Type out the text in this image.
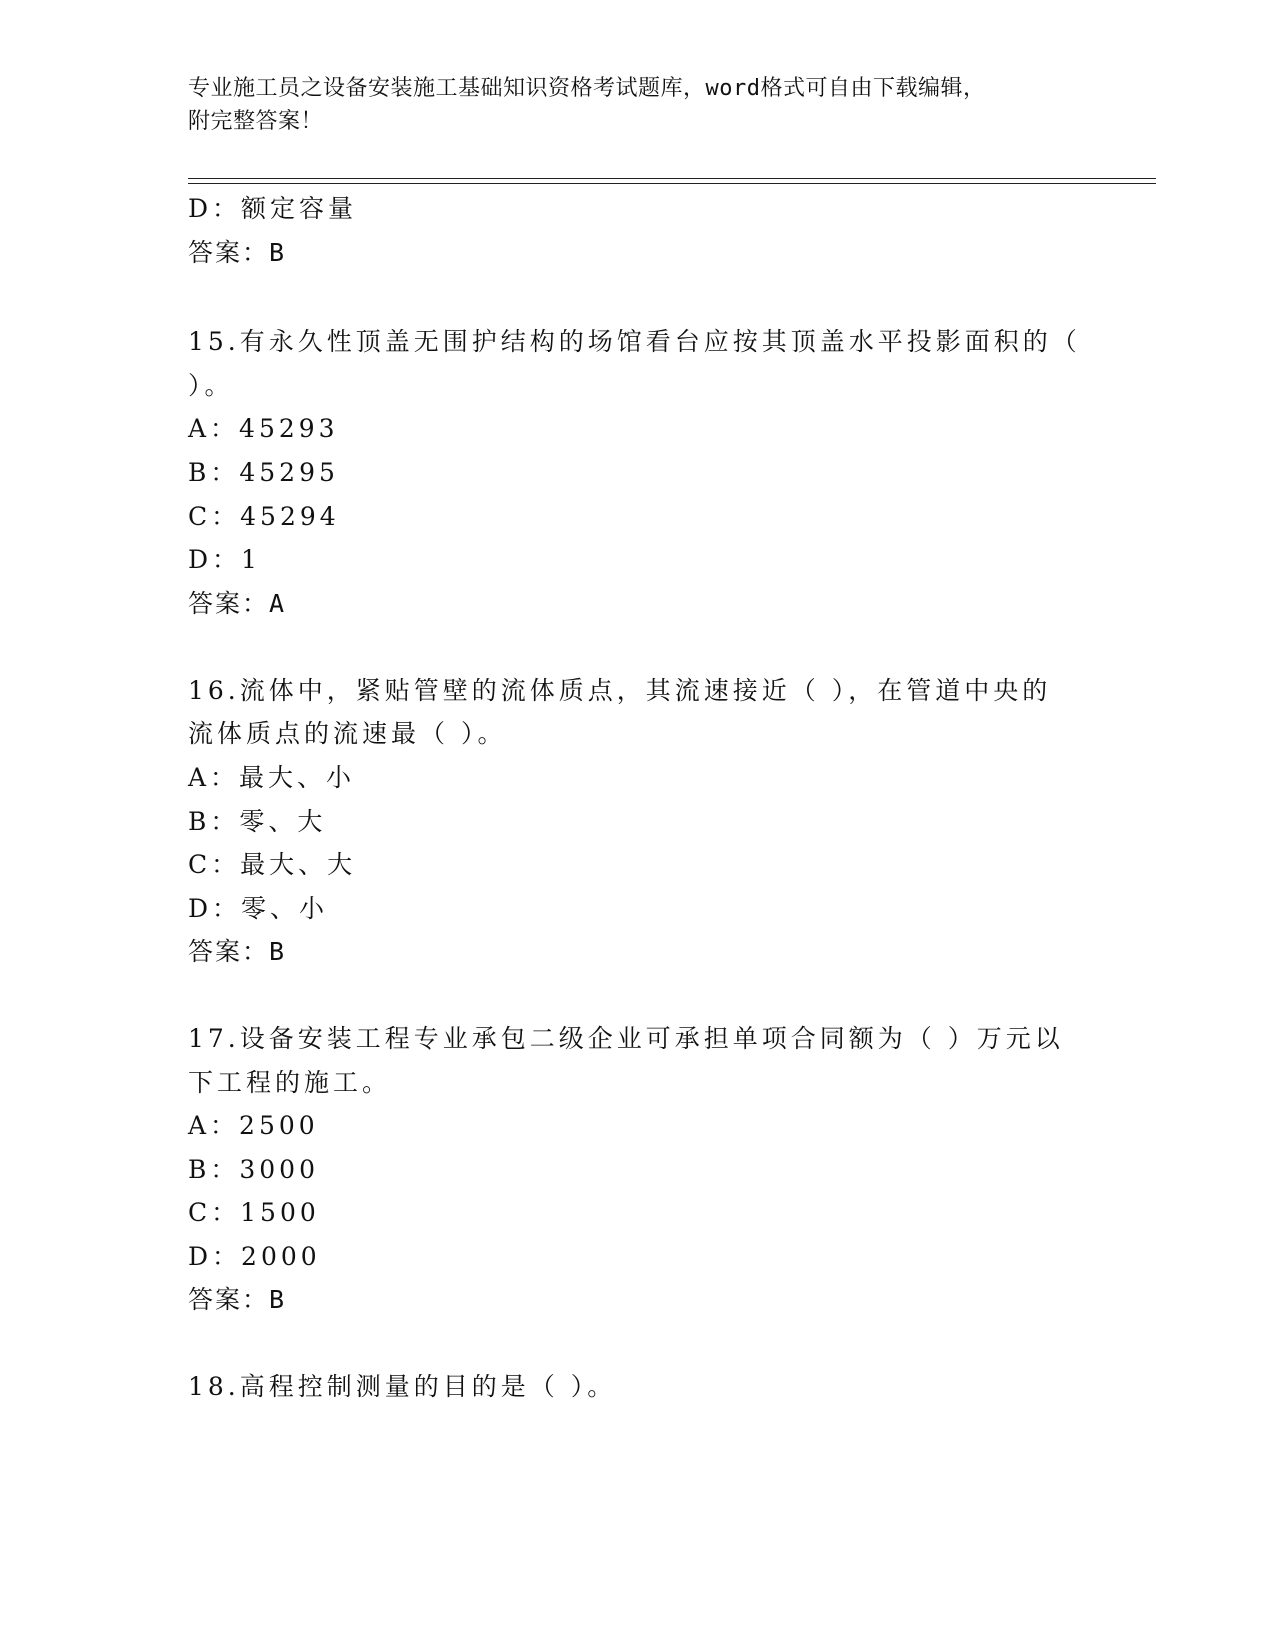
专业施工员之设备安装施工基础知识资格考试题库，word格式可自由下载编辑，
附完整答案！
D：额定容量
答案：B
15.有永久性顶盖无围护结构的场馆看台应按其顶盖水平投影面积的（
）。
A：45293
B：45295
C：45294
D：1
答案：A
16.流体中，紧贴管壁的流体质点，其流速接近（ ），在管道中央的
流体质点的流速最（ ）。
A：最大、小
B：零、大
C：最大、大
D：零、小
答案：B
17.设备安装工程专业承包二级企业可承担单项合同额为（ ）万元以
下工程的施工。
A：2500
B：3000
C：1500
D：2000
答案：B
18.高程控制测量的目的是（ ）。
